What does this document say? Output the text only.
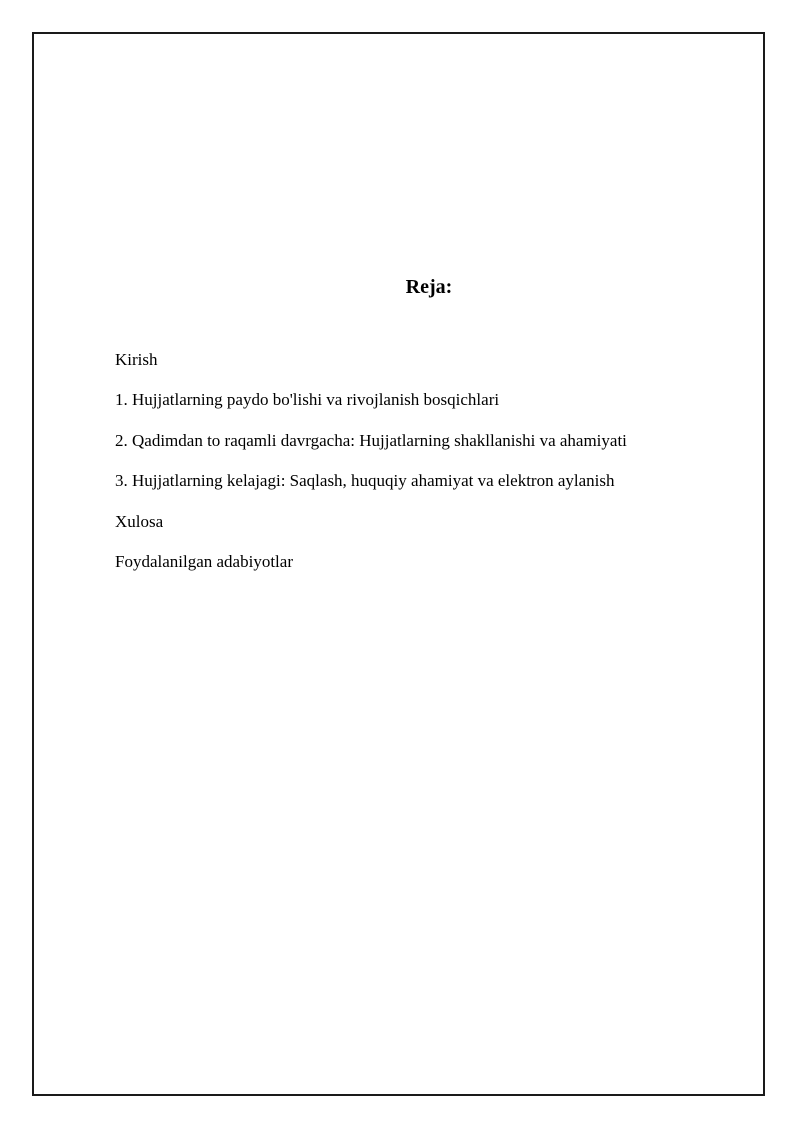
Reja:
Kirish
1. Hujjatlarning paydo bo'lishi va rivojlanish bosqichlari
2. Qadimdan to raqamli davrgacha: Hujjatlarning shakllanishi va ahamiyati
3. Hujjatlarning kelajagi: Saqlash, huquqiy ahamiyat va elektron aylanish
Xulosa
Foydalanilgan adabiyotlar
